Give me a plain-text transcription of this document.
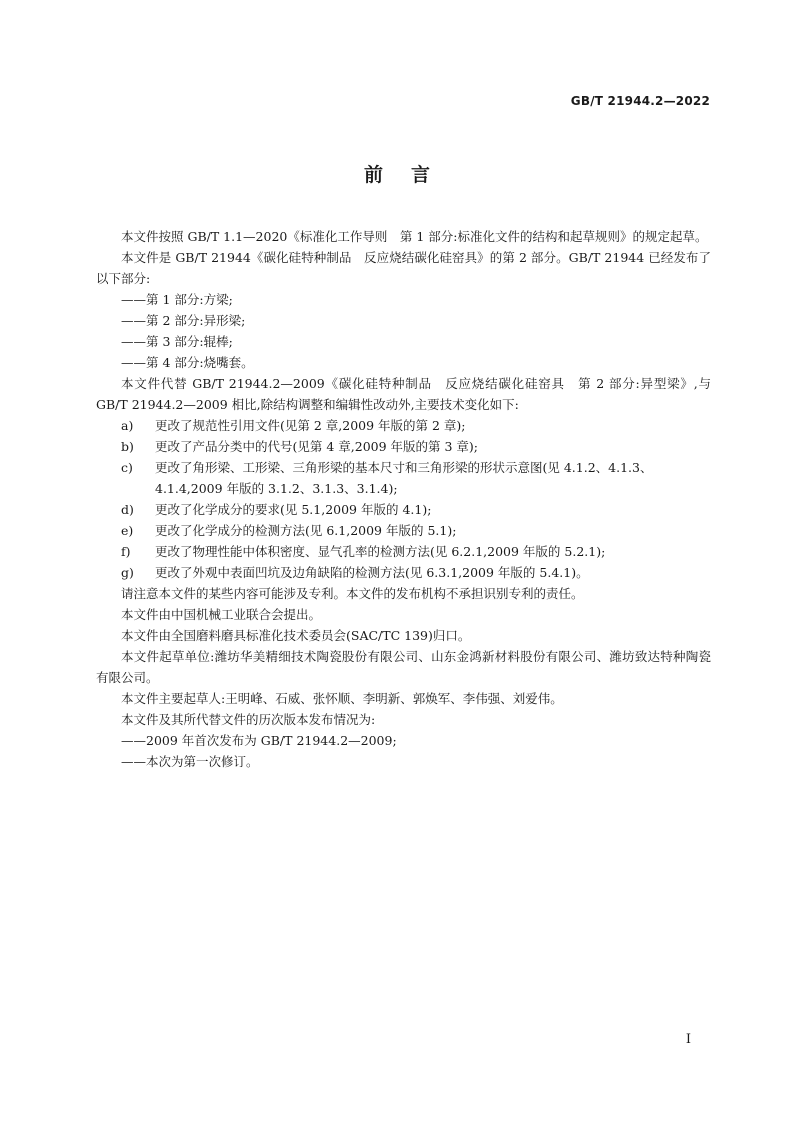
GB/T 21944.2—2022
前言

本文件按照 GB/T 1.1—2020《标准化工作导则　第 1 部分:标准化文件的结构和起草规则》的规定起草。

本文件是 GB/T 21944《碳化硅特种制品　反应烧结碳化硅窑具》的第 2 部分。GB/T 21944 已经发布了以下部分:

——第 1 部分:方梁;

——第 2 部分:异形梁;

——第 3 部分:辊棒;

——第 4 部分:烧嘴套。

本文件代替 GB/T 21944.2—2009《碳化硅特种制品　反应烧结碳化硅窑具　第 2 部分:异型梁》,与 GB/T 21944.2—2009 相比,除结构调整和编辑性改动外,主要技术变化如下:

a)	更改了规范性引用文件(见第 2 章,2009 年版的第 2 章);
b)	更改了产品分类中的代号(见第 4 章,2009 年版的第 3 章);
c)	更改了角形梁、工形梁、三角形梁的基本尺寸和三角形梁的形状示意图(见 4.1.2、4.1.3、4.1.4,2009 年版的 3.1.2、3.1.3、3.1.4);
d)	更改了化学成分的要求(见 5.1,2009 年版的 4.1);
e)	更改了化学成分的检测方法(见 6.1,2009 年版的 5.1);
f)	更改了物理性能中体积密度、显气孔率的检测方法(见 6.2.1,2009 年版的 5.2.1);
g)	更改了外观中表面凹坑及边角缺陷的检测方法(见 6.3.1,2009 年版的 5.4.1)。

请注意本文件的某些内容可能涉及专利。本文件的发布机构不承担识别专利的责任。

本文件由中国机械工业联合会提出。

本文件由全国磨料磨具标准化技术委员会(SAC/TC 139)归口。

本文件起草单位:潍坊华美精细技术陶瓷股份有限公司、山东金鸿新材料股份有限公司、潍坊致达特种陶瓷有限公司。

本文件主要起草人:王明峰、石威、张怀顺、李明新、郭焕军、李伟强、刘爱伟。

本文件及其所代替文件的历次版本发布情况为:

——2009 年首次发布为 GB/T 21944.2—2009;

——本次为第一次修订。

I
